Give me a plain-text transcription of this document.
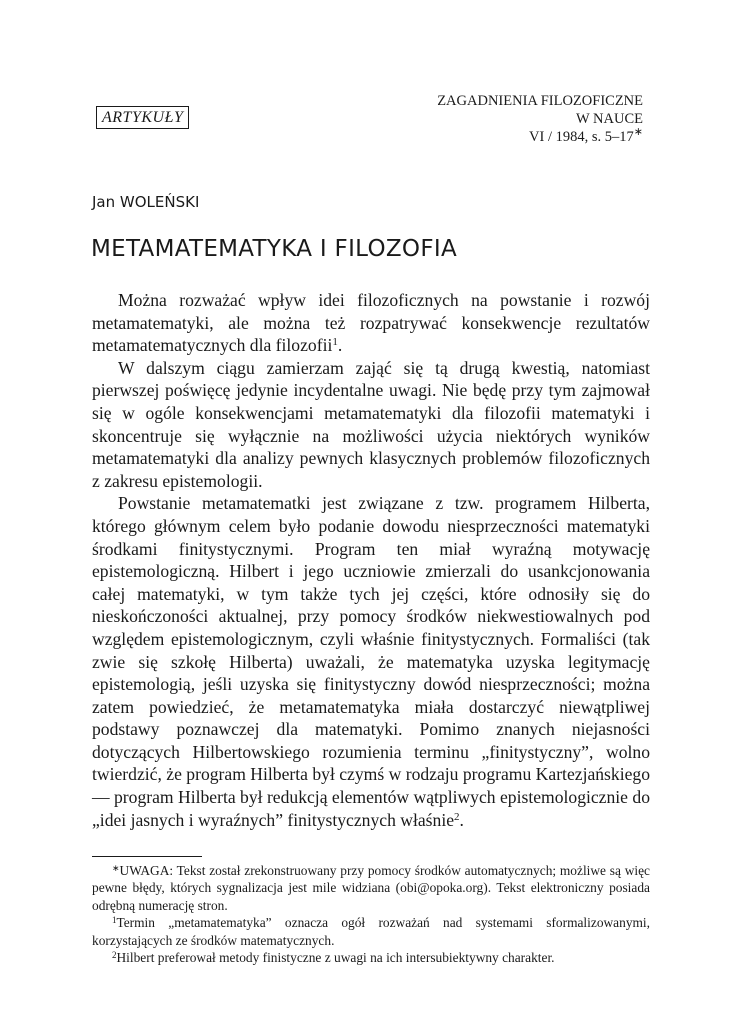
ARTYKUŁY
ZAGADNIENIA FILOZOFICZNE
W NAUCE
VI / 1984, s. 5–17∗
Jan WOLEŃSKI
METAMATEMATYKA I FILOZOFIA

Można rozważać wpływ idei filozoficznych na powstanie i rozwój metamatematyki, ale można też rozpatrywać konsekwencje rezultatów metamatematycznych dla filozofii$^1$.

W dalszym ciągu zamierzam zająć się tą drugą kwestią, natomiast pierwszej poświęcę jedynie incydentalne uwagi. Nie będę przy tym zajmował się w ogóle konsekwencjami metamatematyki dla filozofii matematyki i skoncentruje się wyłącznie na możliwości użycia niektórych wyników metamatematyki dla analizy pewnych klasycznych problemów filozoficznych z zakresu epistemologii.

Powstanie metamatematki jest związane z tzw. programem Hilberta, którego głównym celem było podanie dowodu niesprzeczności matematyki środkami finitystycznymi. Program ten miał wyraźną motywację epistemologiczną. Hilbert i jego uczniowie zmierzali do usankcjonowania całej matematyki, w tym także tych jej części, które odnosiły się do nieskończoności aktualnej, przy pomocy środków niekwestiowalnych pod względem epistemologicznym, czyli właśnie finitystycznych. Formaliści (tak zwie się szkołę Hilberta) uważali, że matematyka uzyska legitymację epistemologią, jeśli uzyska się finitystyczny dowód niesprzeczności; można zatem powiedzieć, że metamatematyka miała dostarczyć niewątpliwej podstawy poznawczej dla matematyki. Pomimo znanych niejasności dotyczących Hilbertowskiego rozumienia terminu „finitystyczny”, wolno twierdzić, że program Hilberta był czymś w rodzaju programu Kartezjańskiego — program Hilberta był redukcją elementów wątpliwych epistemologicznie do „idei jasnych i wyraźnych” finitystycznych właśnie$^2$.

∗UWAGA: Tekst został zrekonstruowany przy pomocy środków automatycznych; możliwe są więc pewne błędy, których sygnalizacja jest mile widziana (obi@opoka.org). Tekst elektroniczny posiada odrębną numerację stron.

$^1$Termin „metamatematyka” oznacza ogół rozważań nad systemami sformalizowanymi, korzystających ze środków matematycznych.

$^2$Hilbert preferował metody finistyczne z uwagi na ich intersubiektywny charakter.
